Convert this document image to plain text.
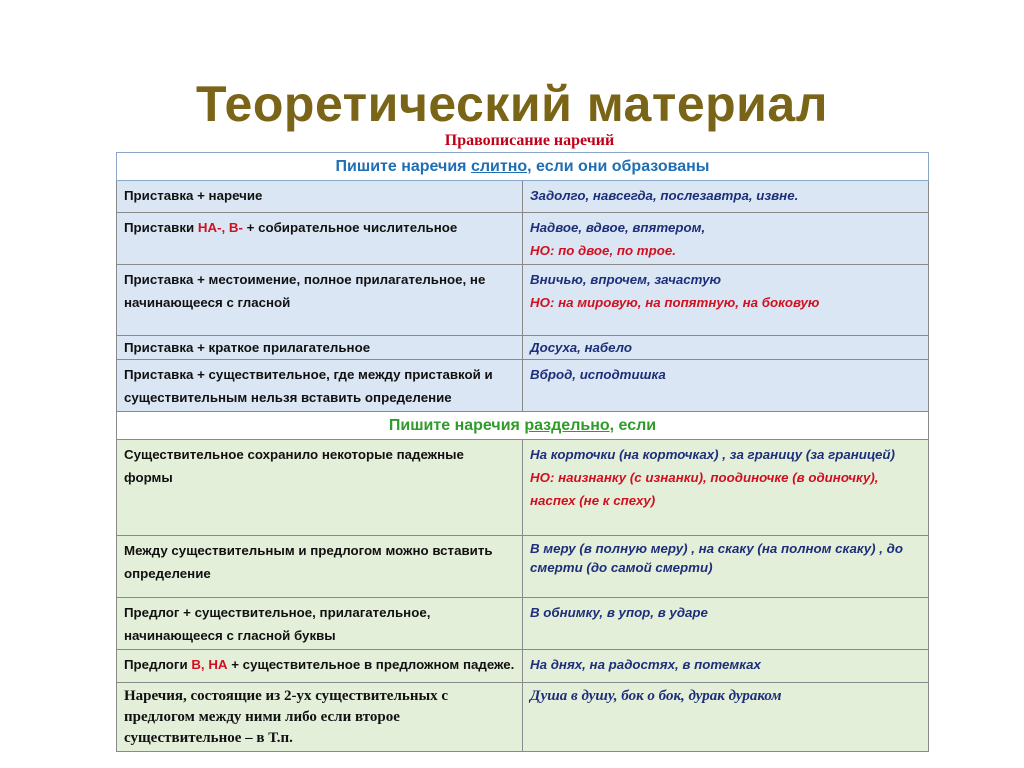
Теоретический материал
Правописание наречий
Пишите наречия слитно, если они образованы	
Приставка + наречие	Задолго, навсегда, послезавтра, извне.
Приставки НА-, В- + собирательное числительное	Надвое, вдвое, впятером,
НО: по двое, по трое.

Приставка + местоимение, полное прилагательное, не начинающееся с гласной	Вничью, впрочем, зачастую
НО: на мировую, на попятную, на боковую

Приставка + краткое прилагательное	Досуха, набело
Приставка + существительное, где между приставкой и существительным нельзя вставить определение	Вброд, исподтишка
Пишите наречия раздельно, если	
Существительное сохранило некоторые падежные формы	На корточки (на корточках) , за границу (за границей)
НО: наизнанку (с изнанки), поодиночке (в одиночку), наспех (не к спеху)

Между существительным и предлогом можно вставить определение	В меру (в полную меру) , на скаку (на полном скаку) , до смерти (до самой смерти)
Предлог + существительное, прилагательное, начинающееся с гласной буквы	В обнимку, в упор, в ударе
Предлоги В, НА + существительное в предложном падеже.	На днях, на радостях, в потемках
Наречия, состоящие из 2-ух существительных с предлогом между ними либо если второе существительное – в Т.п.	Душа в душу, бок о бок, дурак дураком
